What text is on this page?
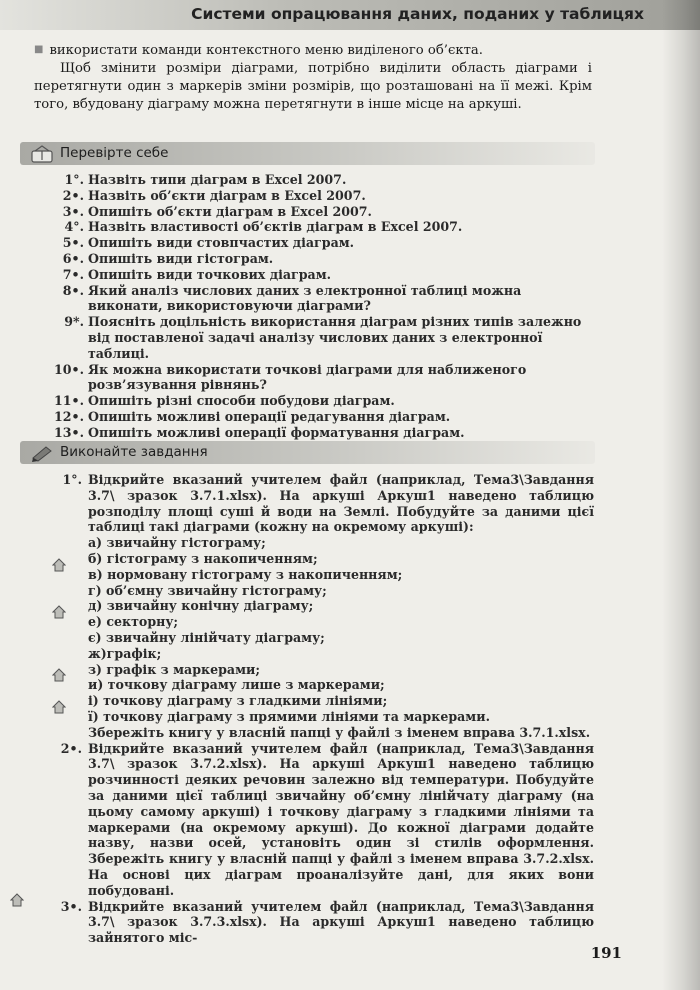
Системи опрацювання даних, поданих у таблицях

■ використати команди контекстного меню виділеного об’єкта.

Щоб змінити розміри діаграми, потрібно виділити область діаграми і перетягнути один з маркерів зміни розмірів, що розташовані на її межі. Крім того, вбудовану діаграму можна перетягнути в інше місце на аркуші.

Перевірте себе
1°. Назвіть типи діаграм в Excel 2007.
2•. Назвіть об’єкти діаграм в Excel 2007.
3•. Опишіть об’єкти діаграм в Excel 2007.
4°. Назвіть властивості об’єктів діаграм в Excel 2007.
5•. Опишіть види стовпчастих діаграм.
6•. Опишіть види гістограм.
7•. Опишіть види точкових діаграм.
8•. Який аналіз числових даних з електронної таблиці можна виконати, використовуючи діаграми?
9*. Поясніть доцільність використання діаграм різних типів залежно від поставленої задачі аналізу числових даних з електронної таблиці.
10•. Як можна використати точкові діаграми для наближеного розв’язування рівнянь?
11•. Опишіть різні способи побудови діаграм.
12•. Опишіть можливі операції редагування діаграм.
13•. Опишіть можливі операції форматування діаграм.
Виконайте завдання
1°. Відкрийте вказаний учителем файл (наприклад, Тема3\Завдання 3.7\ зразок 3.7.1.xlsx). На аркуші Аркуш1 наведено таблицю розподілу площі суші й води на Землі. Побудуйте за даними цієї таблиці такі діаграми (кожну на окремому аркуші):
а) звичайну гістограму;
б) гістограму з накопиченням;
в) нормовану гістограму з накопиченням;
г) об’ємну звичайну гістограму;
д) звичайну конічну діаграму;
е) секторну;
є) звичайну лінійчату діаграму;
ж)графік;
з) графік з маркерами;
и) точкову діаграму лише з маркерами;
і) точкову діаграму з гладкими лініями;
ї) точкову діаграму з прямими лініями та маркерами.
Збережіть книгу у власній папці у файлі з іменем вправа 3.7.1.xlsx.
2•. Відкрийте вказаний учителем файл (наприклад, Тема3\Завдання 3.7\ зразок 3.7.2.xlsx). На аркуші Аркуш1 наведено таблицю розчинності деяких речовин залежно від температури. Побудуйте за даними цієї таблиці звичайну об’ємну лінійчату діаграму (на цьому самому аркуші) і точкову діаграму з гладкими лініями та маркерами (на окремому аркуші). До кожної діаграми додайте назву, назви осей, установіть один зі стилів оформлення. Збережіть книгу у власній папці у файлі з іменем вправа 3.7.2.xlsx. На основі цих діаграм проаналізуйте дані, для яких вони побудовані.
3•. Відкрийте вказаний учителем файл (наприклад, Тема3\Завдання 3.7\ зразок 3.7.3.xlsx). На аркуші Аркуш1 наведено таблицю зайнятого міс-
191
